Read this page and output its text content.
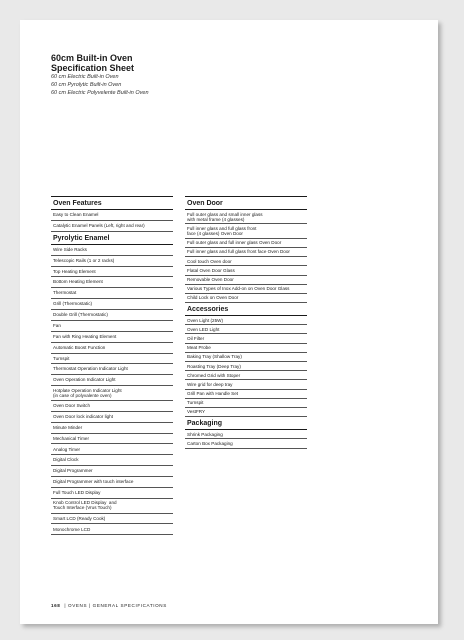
60cm Built-in Oven
Specification Sheet
60 cm Electric Built-in Oven
60 cm Pyrolytic Built-in Oven
60 cm Electric Polyvelente Built-in Oven
Oven Features
Easy to Clean Enamel
Catalytic Enamel Panels (Left, right and rear)
Pyrolytic Enamel
Wire Side Racks
Telescopic Rails (1 or 2 racks)
Top Heating Element
Bottom Heating Element
Thermostat
Grill (Thermostatic)
Double Grill (Thermostatic)
Fan
Fan with Ring Heating Element
Automatic Boost Function
Turnspit
Thermostat Operation Indicator Light
Oven Operation Indicator Light
Hotplate Operation Indicator Light
(in case of polyvalente oven)
Oven Door Switch
Oven Door lock indicator light
Minute Minder
Mechanical Timer
Analog Timer
Digital Clock
Digital Programmer
Digital Programmer with touch interface
Full Touch LED Display
Knob Control LED Display  and
Touch Interface (Vrus Touch)
Smart LCD (Ready Cook)
Monochrome LCD
Oven Door
Full outer glass and small inner glass
with metal frame (4 glasses)
Full inner glass and full glass front
face (4 glasses) Oven Door
Full outer glass and full inner glass Oven Door
Full inner glass and full glass front face Oven Door
Cool touch Oven door
Flatal Oven Door Glass
Removable Oven Door
Various Types of Inox Add-on on Oven Door Glass
Child Lock on Oven Door
Accessories
Oven Light (25W)
Oven LED Light
Oil Filter
Meat Probe
Baking Tray (Shallow Tray)
Roasting Tray (Deep Tray)
Chromed Grid with Stoper
Wire grid for deep tray
Grill Pan with Handle Set
Turnspit
VestFRY
Packaging
Shrink Packaging
Carton Box Packaging
168 | OVENS | GENERAL SPECIFICATIONS
